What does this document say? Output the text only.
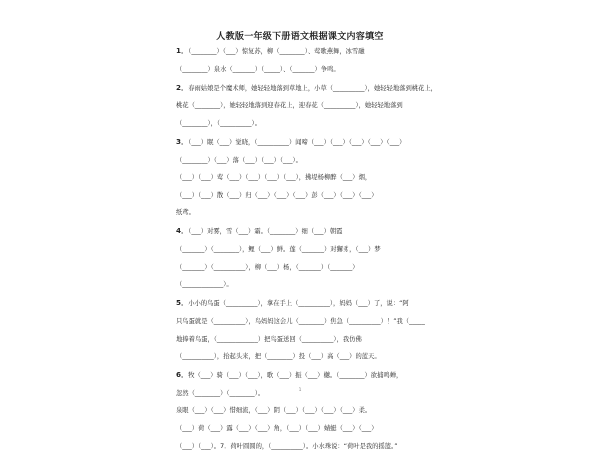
人教版一年级下册语文根据课文内容填空
1．（________）（___）惊复苏，柳（________）、莺歌燕舞，冰雪融
（________）泉水（_______）（_____）、（_______）争鸣。
2．春雨姑娘是个魔术师，她轻轻地落到草地上，小草（__________），她轻轻地落到桃花上，
桃花（________），她轻轻地落到迎春花上，迎春花（__________），她轻轻地落到
（________），（__________）。
3．（___）眠（___）觉晓，（__________）闻啼（___）（___）（___）（___）（___）
（________）（___）落（___）（___）（___）。
（___）（___）莺（___）（___）（___）（___），拂堤杨柳醉（___）烟，
（___）（___）散（___）归（___）（___）（___）彭（___）（___）（___）
纸鸢。
4．（___）对雾，雪（___）霜。（________）细（___）朝霞
（_______）（________），鲤（___）鲜。莲（_______）对獬豸，（___）梦
（_______）（__________），柳（___）杨，（_______）（_______）
（_____________）。
5．小小的鸟蛋（__________），拿在手上（__________），妈妈（___）了，说：“阿
只鸟蛋就是（__________），鸟妈妈这会儿（________）焦急（__________）！”我（_____
地捧着鸟蛋，（_____________）把鸟蛋送回（__________），我仿佛
（__________），抬起头来，把（________）投（___）高（___）的蓝天。
6．牧（___）骑（___）（___），歌（___）振（___）樾。（________）欲捕鸣蝉，
忽然（________）（________）。
泉眼（___）（___）惜细流，（___）阴（___）（___）（___）（___）柔。
（___）荷（___）露（___）（___）角，（___）（___）蜻蜓（___）（___）
（___）（___）。7．荷叶圆圆的，（__________）。小水珠说：“荷叶是我的摇篮。”
1
